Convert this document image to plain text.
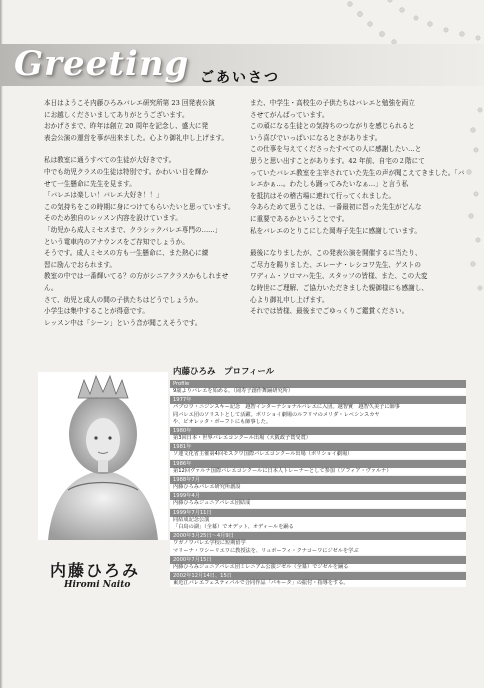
Greeting ごあいさつ

本日はようこそ内藤ひろみバレエ研究所第 23 回発表公演

にお越しくださいましてありがとうございます。

おかげさまで、昨年は創立 20 周年を記念し、盛大に発

表会公演の運営を事が出来ました。心より御礼申し上げます。

私は教室に通うすべての生徒が大好きです。

中でも幼児クラスの生徒は特別です。かわいい目を輝か

せて一生懸命に先生を見ます。

「バレエは楽しい！バレエ大好き！！」

この気持ちをこの時期に身につけてもらいたいと思っています。

そのため独自のレッスン内容を設けています。

「幼児から成人ミセスまで、クラシックバレエ専門の……」

という電車内のアナウンスをご存知でしょうか。

そうです。成人ミセスの方も一生懸命に、また熱心に練

習に励んでおられます。

教室の中では一番輝いてる？の方がシニアクラスかもしれません。

さて、幼児と成人の間の子供たちはどうでしょうか。

小学生は集中することが得意です。

レッスン中は「シーン」という音が聞こえそうです。

また、中学生・高校生の子供たちはバレエと勉強を両立

させてがんばっています。

この頑になる生徒との気持ちのつながりを感じられると

いう喜びでいっぱいになるときがあります。

この仕事を与えてくださったすべての人に感謝したい…と

思うと思い出すことがあります。42 年前、自宅の２階にて

っていたバレエ教室を主宰されていた先生の声が聞こえてきました。「バレエかぁ…。わたしも踊ってみたいなぁ…」と言う私

を抵抗はその稽古場に連れて行ってくれました。

今あらためて思うことは、一番最初に習った先生がどんな

に重要であるかということです。

私をバレエのとりこにした岡寿子先生に感謝しています。

最後になりましたが、この発表公演を開催するに当たり、

ご尽力を賜りました、エレーナ・レシコワ先生、ゲストの

ワディム・ソロマハ先生、スタッフの皆様、また、この大変

な時世にご理解、ご協力いただきました親御様にも感謝し、

心より御礼申し上げます。

それでは皆様、最後までごゆっくりご鑑賞ください。

内藤ひろみ
Hiromi Naito
内藤ひろみ　プロフィール
Profile
9歳よりバレエを始める。（岡寿子創作舞踊研究所）
1977年
パブロワ・ニジンスキー記念　越智インターナショナルバレエに入団。越智實　越智久美子に師事
同バレエ団のソリストとして活躍。ボリショイ劇場のルフリマのメリダ・レベシンスカヤ
や、ピオレッタ・ボーフトにも師事した。
1980年
第3回日本・世界バレエコンクール出場（大阪政子賞受賞）
1981年
ソ連文化省主催第4回モスクワ国際バレエコンクール出場（ボリショイ劇場）
1986年
第12回ヴァルナ国際バレエコンクールに日本人トレーナーとして参加（ソフィア・ヴァルナ）
1988年7月
内藤ひろみバレエ研究所創設
1999年4月
内藤ひろみジュニアバレエ団結成
1999年7月11日
同結成記念公演
「白鳥の湖」（全幕）でオデット、オディールを踊る
2000年3月25日〜4月9日
ワガノワバレエ学校に短期留学
マリーナ・ワシーリエワに教授法を、リュボーフィ・クナコーワにジゼルを学ぶ
2000年7月15日
内藤ひろみジュニアバレエ団ミレニアム公演ジゼル（全幕）でジゼルを踊る
2002年12月14日、15日
東近江バレエフェスティバルで合同作品「パキータ」の振付・指導をする。
